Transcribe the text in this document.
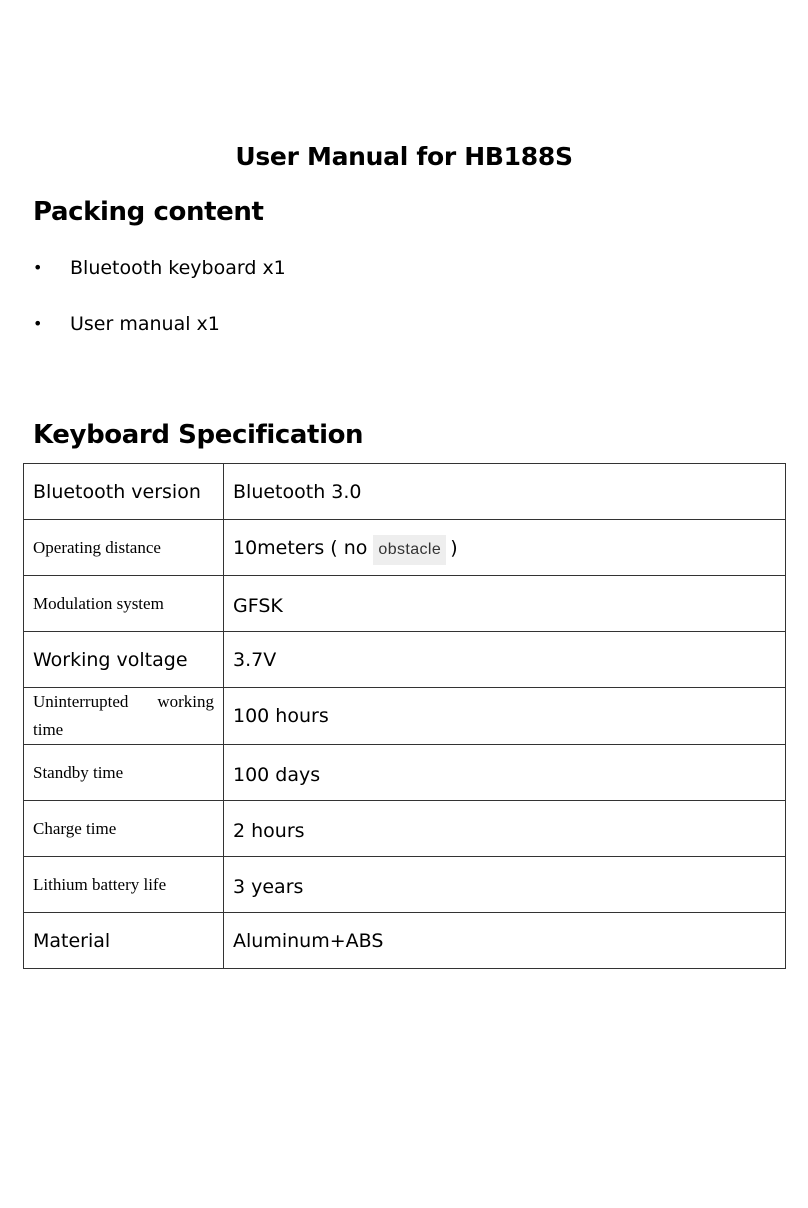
User Manual for HB188S
Packing content
• Bluetooth keyboard x1
• User manual x1
Keyboard Specification
Bluetooth version	Bluetooth 3.0

Operating distance	10meters ( no obstacle )

Modulation system	GFSK
Working voltage	3.7V

Uninterrupted working time	100 hours

Standby time	100 days

Charge time	2 hours

Lithium battery life	3 years
Material	Aluminum+ABS
